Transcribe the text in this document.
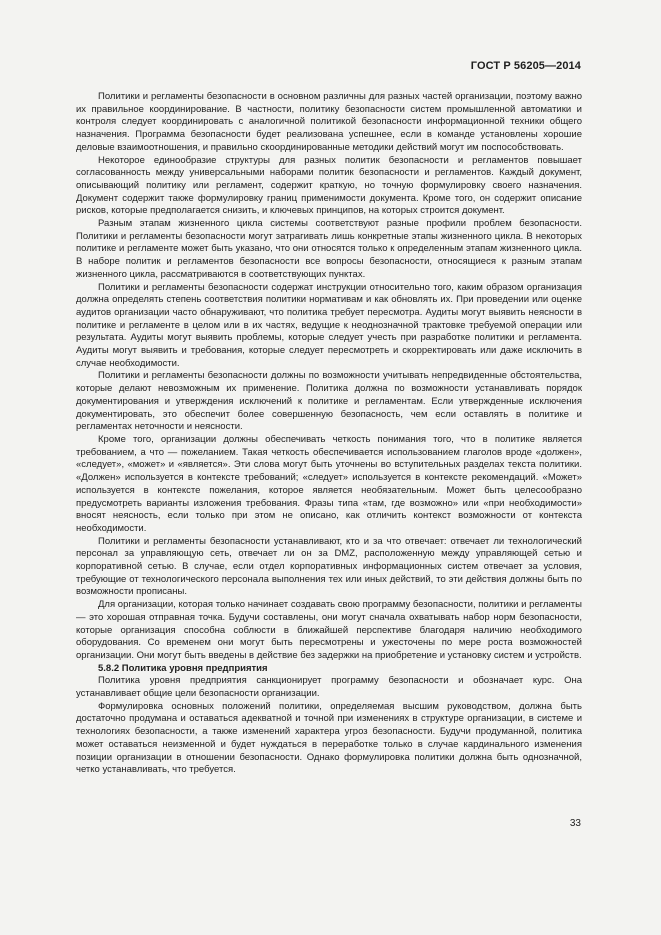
ГОСТ Р 56205—2014

Политики и регламенты безопасности в основном различны для разных частей организации, поэтому важно их правильное координирование. В частности, политику безопасности систем промышленной автоматики и контроля следует координировать с аналогичной политикой безопасности информационной техники общего назначения. Программа безопасности будет реализована успешнее, если в команде установлены хорошие деловые взаимоотношения, и правильно скоординированные методики действий могут им поспособствовать.

Некоторое единообразие структуры для разных политик безопасности и регламентов повышает согласованность между универсальными наборами политик безопасности и регламентов. Каждый документ, описывающий политику или регламент, содержит краткую, но точную формулировку своего назначения. Документ содержит также формулировку границ применимости документа. Кроме того, он содержит описание рисков, которые предполагается снизить, и ключевых принципов, на которых строится документ.

Разным этапам жизненного цикла системы соответствуют разные профили проблем безопасности. Политики и регламенты безопасности могут затрагивать лишь конкретные этапы жизненного цикла. В некоторых политике и регламенте может быть указано, что они относятся только к определенным этапам жизненного цикла. В наборе политик и регламентов безопасности все вопросы безопасности, относящиеся к разным этапам жизненного цикла, рассматриваются в соответствующих пунктах.

Политики и регламенты безопасности содержат инструкции относительно того, каким образом организация должна определять степень соответствия политики нормативам и как обновлять их. При проведении или оценке аудитов организации часто обнаруживают, что политика требует пересмотра. Аудиты могут выявить неясности в политике и регламенте в целом или в их частях, ведущие к неоднозначной трактовке требуемой операции или результата. Аудиты могут выявить проблемы, которые следует учесть при разработке политики и регламента. Аудиты могут выявить и требования, которые следует пересмотреть и скорректировать или даже исключить в случае необходимости.

Политики и регламенты безопасности должны по возможности учитывать непредвиденные обстоятельства, которые делают невозможным их применение. Политика должна по возможности устанавливать порядок документирования и утверждения исключений к политике и регламентам. Если утвержденные исключения документировать, это обеспечит более совершенную безопасность, чем если оставлять в политике и регламентах неточности и неясности.

Кроме того, организации должны обеспечивать четкость понимания того, что в политике является требованием, а что — пожеланием. Такая четкость обеспечивается использованием глаголов вроде «должен», «следует», «может» и «является». Эти слова могут быть уточнены во вступительных разделах текста политики. «Должен» используется в контексте требований; «следует» используется в контексте рекомендаций. «Может» используется в контексте пожелания, которое является необязательным. Может быть целесообразно предусмотреть варианты изложения требования. Фразы типа «там, где возможно» или «при необходимости» вносят неясность, если только при этом не описано, как отличить контекст возможности от контекста необходимости.

Политики и регламенты безопасности устанавливают, кто и за что отвечает: отвечает ли технологический персонал за управляющую сеть, отвечает ли он за DMZ, расположенную между управляющей сетью и корпоративной сетью. В случае, если отдел корпоративных информационных систем отвечает за условия, требующие от технологического персонала выполнения тех или иных действий, то эти действия должны быть по возможности прописаны.

Для организации, которая только начинает создавать свою программу безопасности, политики и регламенты — это хорошая отправная точка. Будучи составлены, они могут сначала охватывать набор норм безопасности, которые организация способна соблюсти в ближайшей перспективе благодаря наличию необходимого оборудования. Со временем они могут быть пересмотрены и ужесточены по мере роста возможностей организации. Они могут быть введены в действие без задержки на приобретение и установку систем и устройств.

5.8.2 Политика уровня предприятия

Политика уровня предприятия санкционирует программу безопасности и обозначает курс. Она устанавливает общие цели безопасности организации.

Формулировка основных положений политики, определяемая высшим руководством, должна быть достаточно продумана и оставаться адекватной и точной при изменениях в структуре организации, в системе и технологиях безопасности, а также изменений характера угроз безопасности. Будучи продуманной, политика может оставаться неизменной и будет нуждаться в переработке только в случае кардинального изменения позиции организации в отношении безопасности. Однако формулировка политики должна быть однозначной, четко устанавливать, что требуется.

33
